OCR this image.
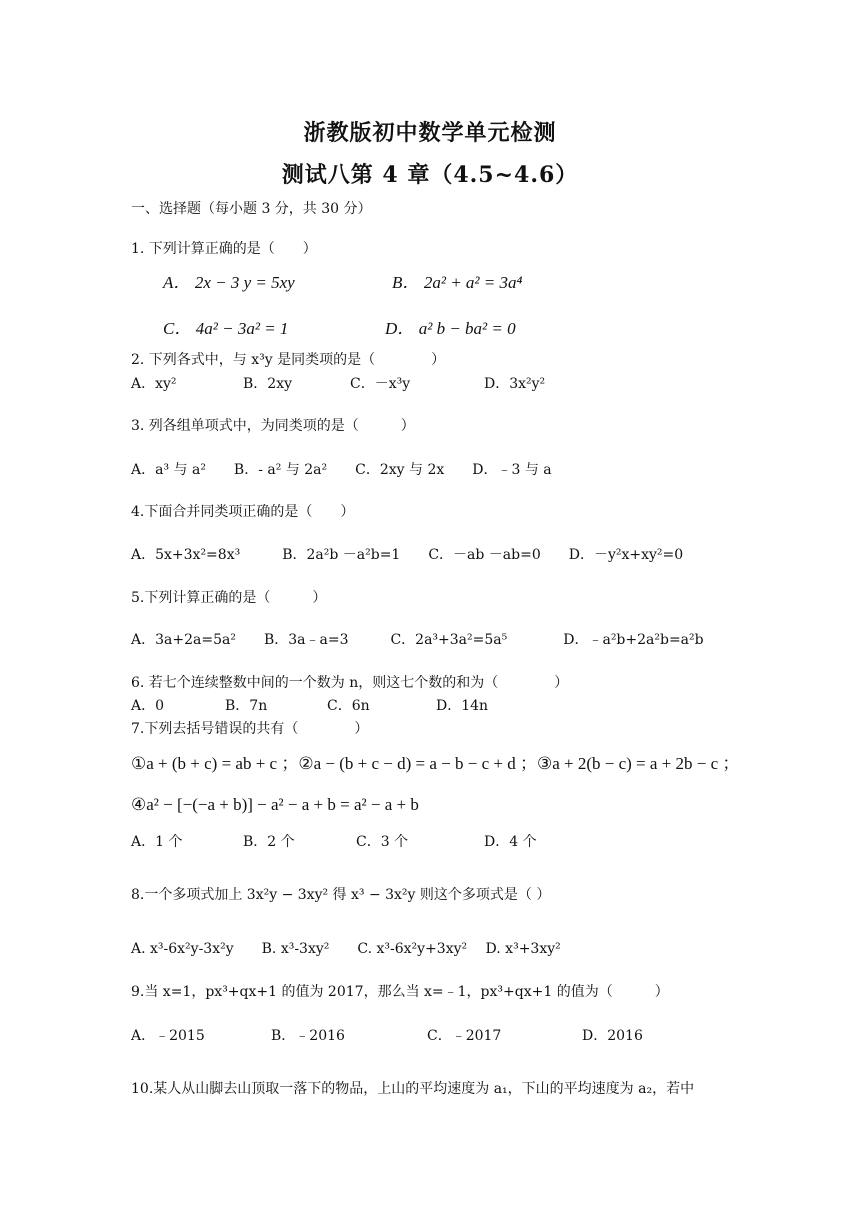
浙教版初中数学单元检测
测试八第 4 章（4.5~4.6）
一、选择题（每小题 3 分，共 30 分）
1. 下列计算正确的是（　　）
A． 2x − 3 y = 5xy	B． 2a² + a² = 3a⁴
C． 4a² − 3a² = 1	D． a² b − ba² = 0
2. 下列各式中，与 x³y 是同类项的是（　　　　）
A．xy²	B．2xy	C．－x³y	D．3x²y²
3. 列各组单项式中，为同类项的是（　　　）
A．a³ 与 a²　　B．- a² 与 2a²　　C．2xy 与 2x　　D．﹣3 与 a
4.下面合并同类项正确的是（　　）
A．5x+3x²=8x³　　　B．2a²b －a²b=1　　C．－ab －ab=0　　D．－y²x+xy²=0
5.下列计算正确的是（　　　）
A．3a+2a=5a²　　B．3a﹣a=3　　　C．2a³+3a²=5a⁵　　　　D．﹣a²b+2a²b=a²b
6. 若七个连续整数中间的一个数为 n，则这七个数的和为（　　　　）
A．0	B．7n	C．6n	D．14n
7.下列去括号错误的共有（　　　　）
①a + (b + c) = ab + c ；②a − (b + c − d) = a − b − c + d ；③a + 2(b − c) = a + 2b − c ；
④a² − [−(−a + b)] − a² − a + b = a² − a + b
A．1 个	B．2 个	C．3 个	D．4 个
8.一个多项式加上 3x²y − 3xy² 得 x³ − 3x²y 则这个多项式是（ ）
A. x³-6x²y-3x²y　　B. x³-3xy²　　C. x³-6x²y+3xy²　 D. x³+3xy²
9.当 x=1，px³+qx+1 的值为 2017，那么当 x=﹣1，px³+qx+1 的值为（　　　）
A．﹣2015	B．﹣2016	C．﹣2017	D．2016
10.某人从山脚去山顶取一落下的物品，上山的平均速度为 a₁，下山的平均速度为 a₂，若中
